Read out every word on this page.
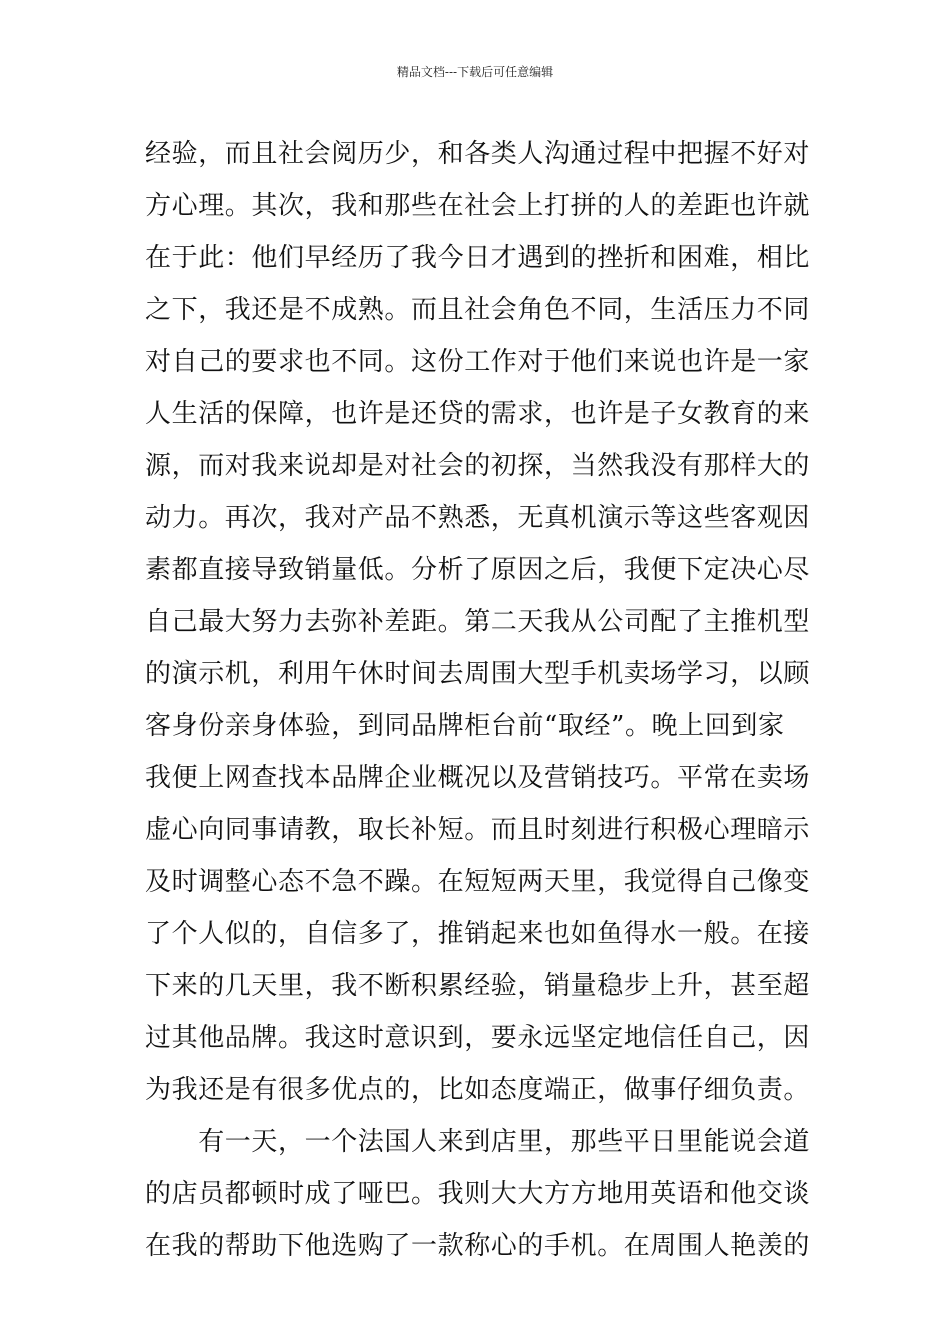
精品文档---下载后可任意编辑
经验，而且社会阅历少，和各类人沟通过程中把握不好对
方心理。其次，我和那些在社会上打拼的人的差距也许就
在于此：他们早经历了我今日才遇到的挫折和困难，相比
之下，我还是不成熟。而且社会角色不同，生活压力不同
对自己的要求也不同。这份工作对于他们来说也许是一家
人生活的保障，也许是还贷的需求，也许是子女教育的来
源，而对我来说却是对社会的初探，当然我没有那样大的
动力。再次，我对产品不熟悉，无真机演示等这些客观因
素都直接导致销量低。分析了原因之后，我便下定决心尽
自己最大努力去弥补差距。第二天我从公司配了主推机型
的演示机，利用午休时间去周围大型手机卖场学习，以顾
客身份亲身体验，到同品牌柜台前“取经”。晚上回到家
我便上网查找本品牌企业概况以及营销技巧。平常在卖场
虚心向同事请教，取长补短。而且时刻进行积极心理暗示
及时调整心态不急不躁。在短短两天里，我觉得自己像变
了个人似的，自信多了，推销起来也如鱼得水一般。在接
下来的几天里，我不断积累经验，销量稳步上升，甚至超
过其他品牌。我这时意识到，要永远坚定地信任自己，因
为我还是有很多优点的，比如态度端正，做事仔细负责。
　　有一天，一个法国人来到店里，那些平日里能说会道
的店员都顿时成了哑巴。我则大大方方地用英语和他交谈
在我的帮助下他选购了一款称心的手机。在周围人艳羡的
